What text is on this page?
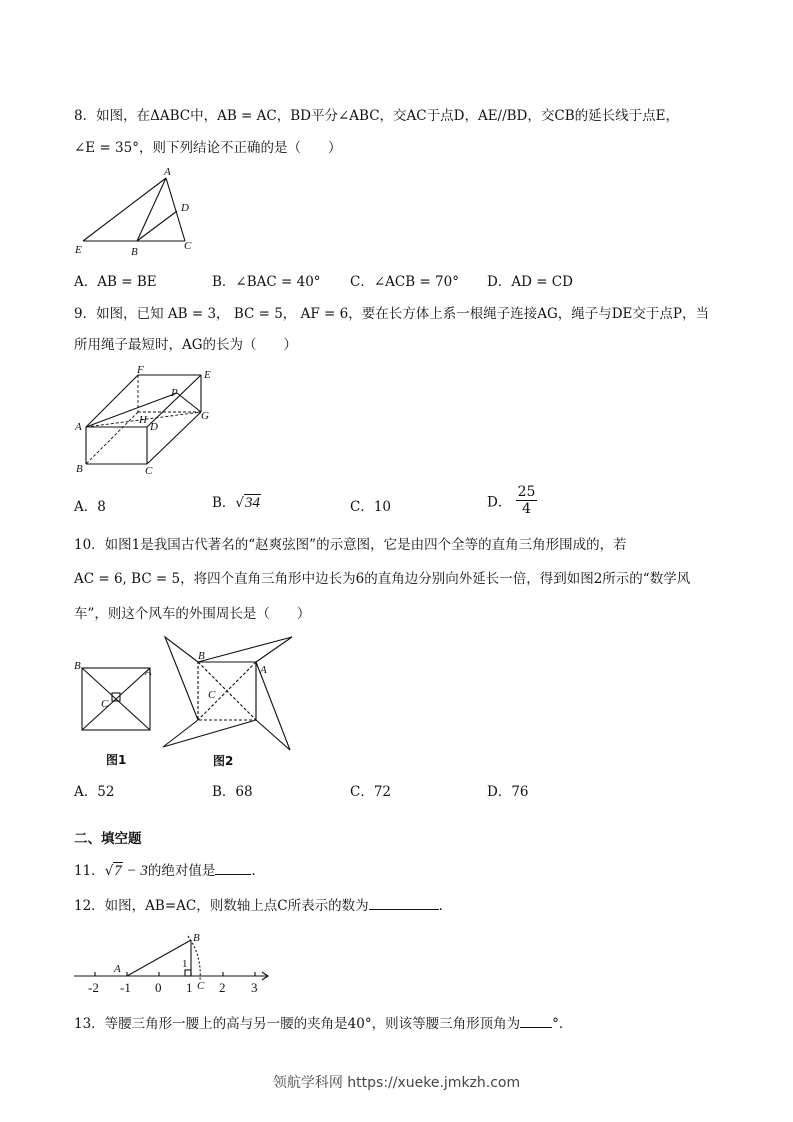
8．如图，在ΔABC中，AB = AC，BD平分∠ABC，交AC于点D，AE//BD，交CB的延长线于点E，
∠E = 35°，则下列结论不正确的是（　　）
A
D
E	B	C
A．AB = BE	B．∠BAC = 40° C．∠ACB = 70° D．AD = CD
9．如图，已知 AB = 3， BC = 5， AF = 6，要在长方体上系一根绳子连接AG，绳子与DE交于点P，当
所用绳子最短时，AG的长为（　　）
F	E
P
H	G
A	D
B	C
A．8	B．√34	C．10	D． $\frac{25}{4}$
10．如图1是我国古代著名的“赵爽弦图”的示意图，它是由四个全等的直角三角形围成的，若
AC = 6, BC = 5，将四个直角三角形中边长为6的直角边分别向外延长一倍，得到如图2所示的“数学风
车”，则这个风车的外围周长是（　　）
B	A
C
图1
B
A
C
图2
A．52	B．68	C．72	D．76
二、填空题
11．√7 − 3的绝对值是	.
12．如图，AB=AC，则数轴上点C所表示的数为	.
A
B
1
C
-2 -1 0 1 2 3
13．等腰三角形一腰上的高与另一腰的夹角是40°，则该等腰三角形顶角为 °．
领航学科网 https://xueke.jmkzh.com
